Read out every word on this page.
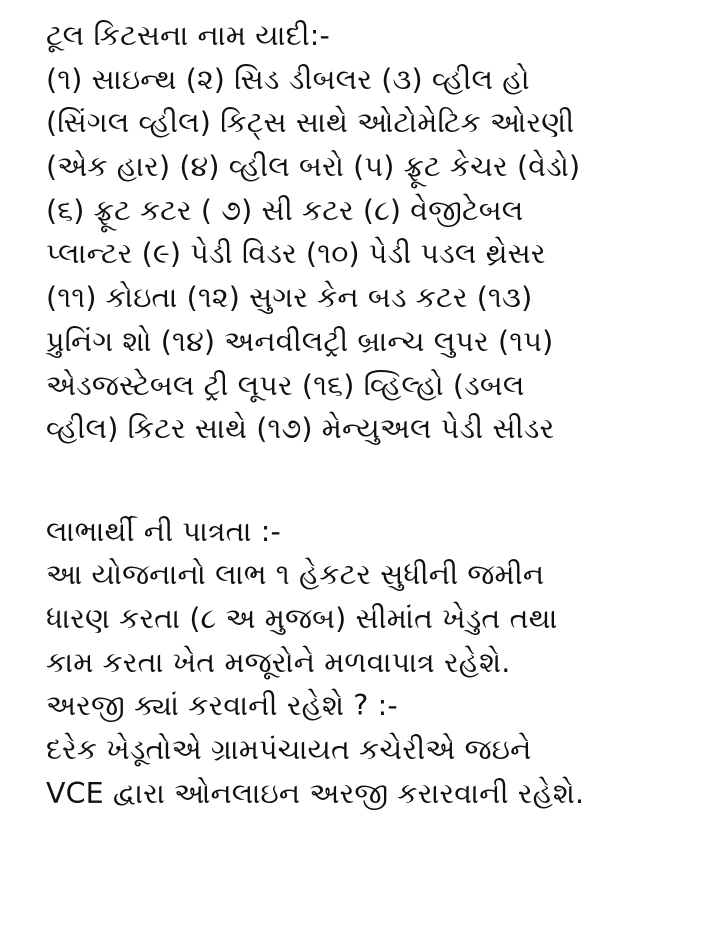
ટૂલ કિટસના નામ યાદી:-
(૧) સાઇન્થ (૨) સિડ ડીબલર (૩) વ્હીલ હો
(સિંગલ વ્હીલ) કિટ્સ સાથે ઓટોમેટિક ઓરણી
(એક હાર) (૪) વ્હીલ બરો (૫) ફ્રૂટ કેચર (વેડો)
(૬) ફ્રૂટ કટર ( ૭) સી કટર (૮) વેજીટેબલ
પ્લાન્ટર (૯) પેડી વિડર (૧૦) પેડી પડલ થ્રેસર
(૧૧) કોઇતા (૧૨) સુગર કેન બડ કટર (૧૩)
પ્રુનિંગ શો (૧૪) અનવીલટ્રી બ્રાન્ચ લુપર (૧૫)
એડજસ્ટેબલ ટ્રી લૂપર (૧૬) વ્હિલ્હો (ડબલ
વ્હીલ) કિટર સાથે (૧૭) મેન્યુઅલ પેડી સીડર
લાભાર્થી ની પાત્રતા :-
આ યોજનાનો લાભ ૧ હેકટર સુધીની જમીન
ધારણ કરતા (૮ અ મુજબ) સીમાંત ખેડુત તથા
કામ કરતા ખેત મજૂરોને મળવાપાત્ર રહેશે.
અરજી ક્યાં કરવાની રહેશે ? :-
દરેક ખેડૂતોએ ગ્રામપંચાયત કચેરીએ જઇને
VCE દ્વારા ઓનલાઇન અરજી કરારવાની રહેશે.
